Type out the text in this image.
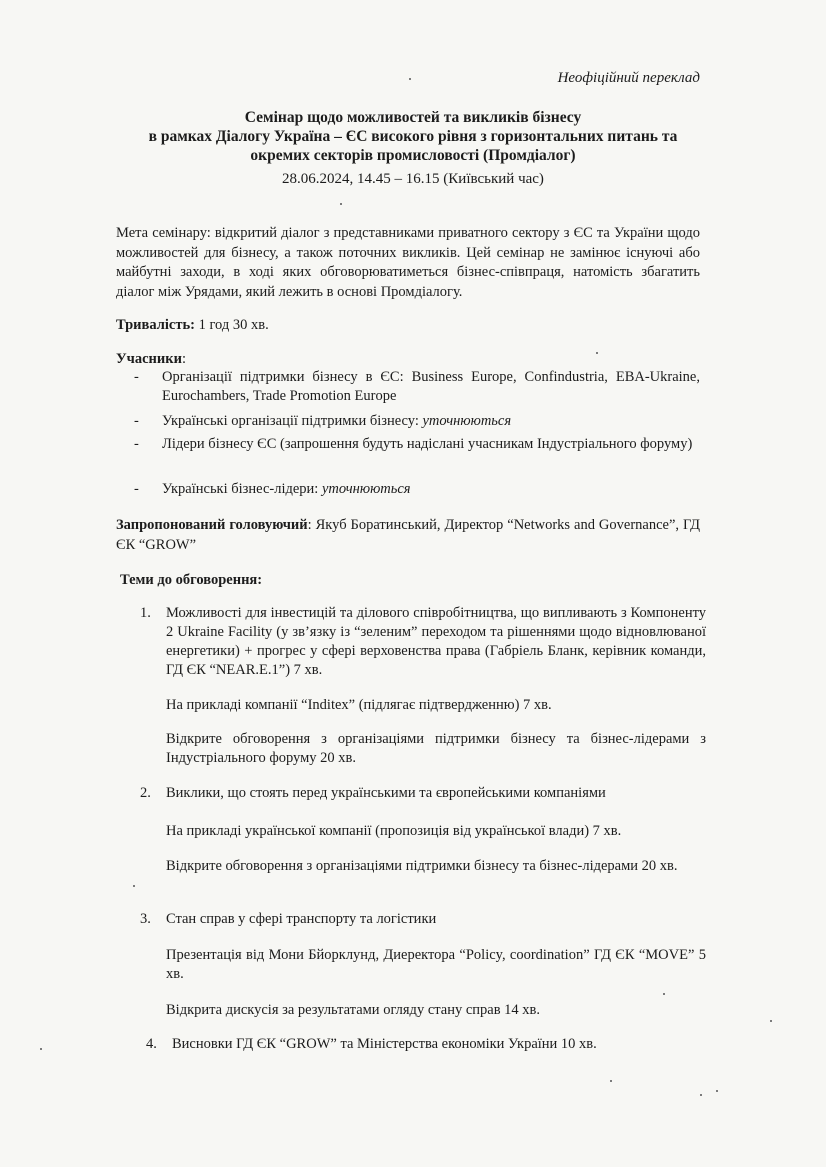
Неофіційний переклад
Семінар щодо можливостей та викликів бізнесу
в рамках Діалогу Україна – ЄС високого рівня з горизонтальних питань та
окремих секторів промисловості (Промдіалог)
28.06.2024, 14.45 – 16.15 (Київський час)
Мета семінару: відкритий діалог з представниками приватного сектору з ЄС та України щодо можливостей для бізнесу, а також поточних викликів. Цей семінар не замінює існуючі або майбутні заходи, в ході яких обговорюватиметься бізнес-співпраця, натомість збагатить діалог між Урядами, який лежить в основі Промдіалогу.
Тривалість: 1 год 30 хв.
Учасники:
- Організації підтримки бізнесу в ЄС: Business Europe, Confindustria, EBA-Ukraine, Eurochambers, Trade Promotion Europe
- Українські організації підтримки бізнесу: уточнюються
- Лідери бізнесу ЄС (запрошення будуть надіслані учасникам Індустріального форуму)
- Українські бізнес-лідери: уточнюються
Запропонований головуючий: Якуб Боратинський, Директор “Networks and Governance”, ГД ЄК “GROW”
Теми до обговорення:
1. Можливості для інвестицій та ділового співробітництва, що випливають з Компоненту 2 Ukraine Facility (у зв’язку із “зеленим” переходом та рішеннями щодо відновлюваної енергетики) + прогрес у сфері верховенства права (Габріель Бланк, керівник команди, ГД ЄК “NEAR.E.1”) 7 хв.
На прикладі компанії “Inditex” (підлягає підтвердженню) 7 хв.
Відкрите обговорення з організаціями підтримки бізнесу та бізнес-лідерами з Індустріального форуму 20 хв.
2. Виклики, що стоять перед українськими та європейськими компаніями
На прикладі української компанії (пропозиція від української влади) 7 хв.
Відкрите обговорення з організаціями підтримки бізнесу та бізнес-лідерами 20 хв.
3. Стан справ у сфері транспорту та логістики
Презентація від Мони Бйорклунд, Диеректора “Policy, coordination” ГД ЄК “MOVE” 5 хв.
Відкрита дискусія за результатами огляду стану справ 14 хв.
4. Висновки ГД ЄК “GROW” та Міністерства економіки України 10 хв.
